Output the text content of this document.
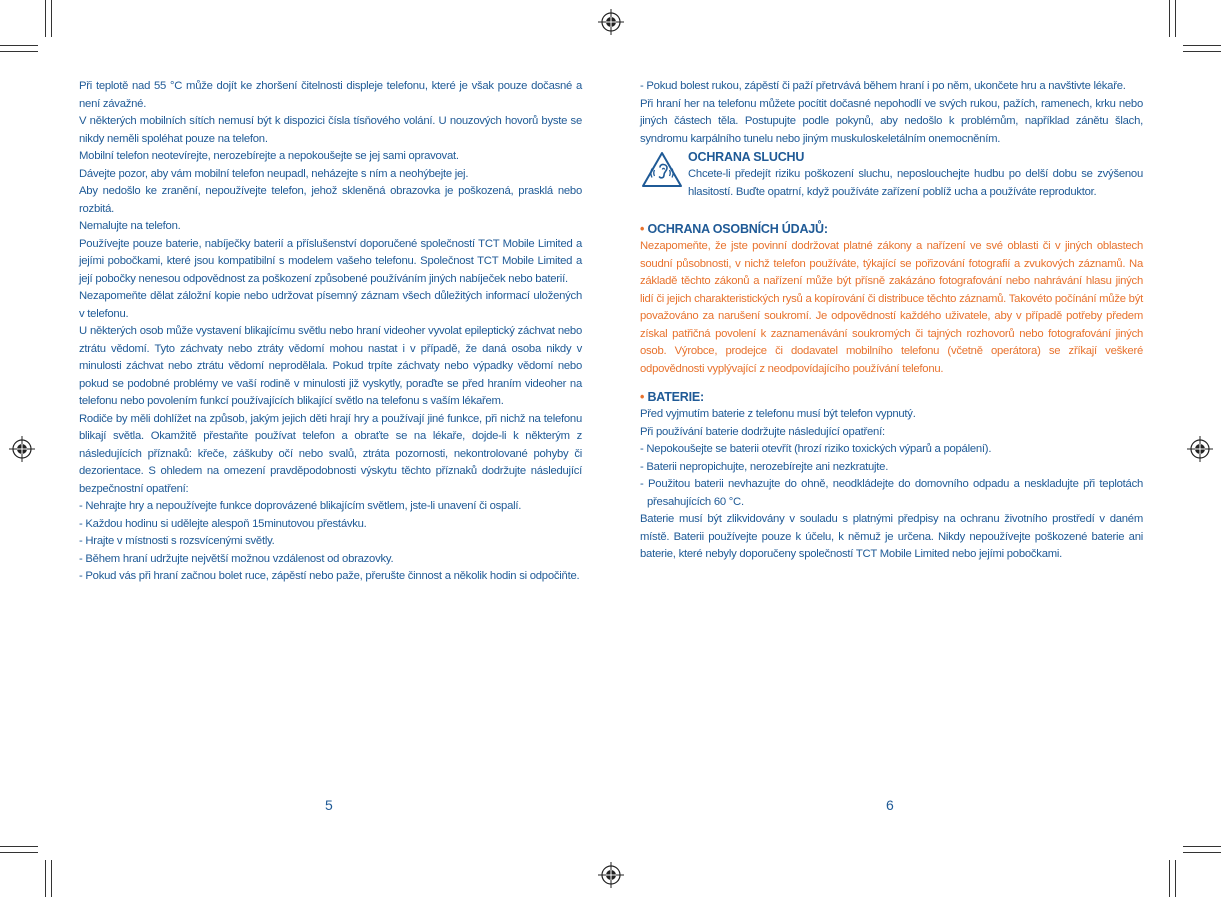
Při teplotě nad 55 °C může dojít ke zhoršení čitelnosti displeje telefonu, které je však pouze dočasné a není závažné.

V některých mobilních sítích nemusí být k dispozici čísla tísňového volání. U nouzových hovorů byste se nikdy neměli spoléhat pouze na telefon.

Mobilní telefon neotevírejte, nerozebírejte a nepokoušejte se jej sami opravovat.

Dávejte pozor, aby vám mobilní telefon neupadl, neházejte s ním a neohýbejte jej.

Aby nedošlo ke zranění, nepoužívejte telefon, jehož skleněná obrazovka je poškozená, prasklá nebo rozbitá.

Nemalujte na telefon.

Používejte pouze baterie, nabíječky baterií a příslušenství doporučené společností TCT Mobile Limited a jejími pobočkami, které jsou kompatibilní s modelem vašeho telefonu. Společnost TCT Mobile Limited a její pobočky nenesou odpovědnost za poškození způsobené používáním jiných nabíječek nebo baterií.

Nezapomeňte dělat záložní kopie nebo udržovat písemný záznam všech důležitých informací uložených v telefonu.

U některých osob může vystavení blikajícímu světlu nebo hraní videoher vyvolat epileptický záchvat nebo ztrátu vědomí. Tyto záchvaty nebo ztráty vědomí mohou nastat i v případě, že daná osoba nikdy v minulosti záchvat nebo ztrátu vědomí neprodělala. Pokud trpíte záchvaty nebo výpadky vědomí nebo pokud se podobné problémy ve vaší rodině v minulosti již vyskytly, poraďte se před hraním videoher na telefonu nebo povolením funkcí používajících blikající světlo na telefonu s vaším lékařem.

Rodiče by měli dohlížet na způsob, jakým jejich děti hrají hry a používají jiné funkce, při nichž na telefonu blikají světla. Okamžitě přestaňte používat telefon a obraťte se na lékaře, dojde-li k některým z následujících příznaků: křeče, záškuby očí nebo svalů, ztráta pozornosti, nekontrolované pohyby či dezorientace. S ohledem na omezení pravděpodobnosti výskytu těchto příznaků dodržujte následující bezpečnostní opatření:

- Nehrajte hry a nepoužívejte funkce doprovázené blikajícím světlem, jste-li unavení či ospalí.

- Každou hodinu si udělejte alespoň 15minutovou přestávku.

- Hrajte v místnosti s rozsvícenými světly.

- Během hraní udržujte největší možnou vzdálenost od obrazovky.

- Pokud vás při hraní začnou bolet ruce, zápěstí nebo paže, přerušte činnost a několik hodin si odpočiňte.

5

- Pokud bolest rukou, zápěstí či paží přetrvává během hraní i po něm, ukončete hru a navštivte lékaře.

Při hraní her na telefonu můžete pocítit dočasné nepohodlí ve svých rukou, pažích, ramenech, krku nebo jiných částech těla. Postupujte podle pokynů, aby nedošlo k problémům, například zánětu šlach, syndromu karpálního tunelu nebo jiným muskuloskeletálním onemocněním.

OCHRANA SLUCHU

Chcete-li předejít riziku poškození sluchu, neposlouchejte hudbu po delší dobu se zvýšenou hlasitostí. Buďte opatrní, když používáte zařízení poblíž ucha a používáte reproduktor.

• OCHRANA OSOBNÍCH ÚDAJŮ:

Nezapomeňte, že jste povinní dodržovat platné zákony a nařízení ve své oblasti či v jiných oblastech soudní působnosti, v nichž telefon používáte, týkající se pořizování fotografií a zvukových záznamů. Na základě těchto zákonů a nařízení může být přísně zakázáno fotografování nebo nahrávání hlasu jiných lidí či jejich charakteristických rysů a kopírování či distribuce těchto záznamů. Takovéto počínání může být považováno za narušení soukromí. Je odpovědností každého uživatele, aby v případě potřeby předem získal patřičná povolení k zaznamenávání soukromých či tajných rozhovorů nebo fotografování jiných osob. Výrobce, prodejce či dodavatel mobilního telefonu (včetně operátora) se zříkají veškeré odpovědnosti vyplývající z neodpovídajícího používání telefonu.

• BATERIE:

Před vyjmutím baterie z telefonu musí být telefon vypnutý.

Při používání baterie dodržujte následující opatření:

- Nepokoušejte se baterii otevřít (hrozí riziko toxických výparů a popálení).

- Baterii nepropichujte, nerozebírejte ani nezkratujte.

- Použitou baterii nevhazujte do ohně, neodkládejte do domovního odpadu a neskladujte při teplotách přesahujících 60 °C.

Baterie musí být zlikvidovány v souladu s platnými předpisy na ochranu životního prostředí v daném místě. Baterii používejte pouze k účelu, k němuž je určena. Nikdy nepoužívejte poškozené baterie ani baterie, které nebyly doporučeny společností TCT Mobile Limited nebo jejími pobočkami.

6
